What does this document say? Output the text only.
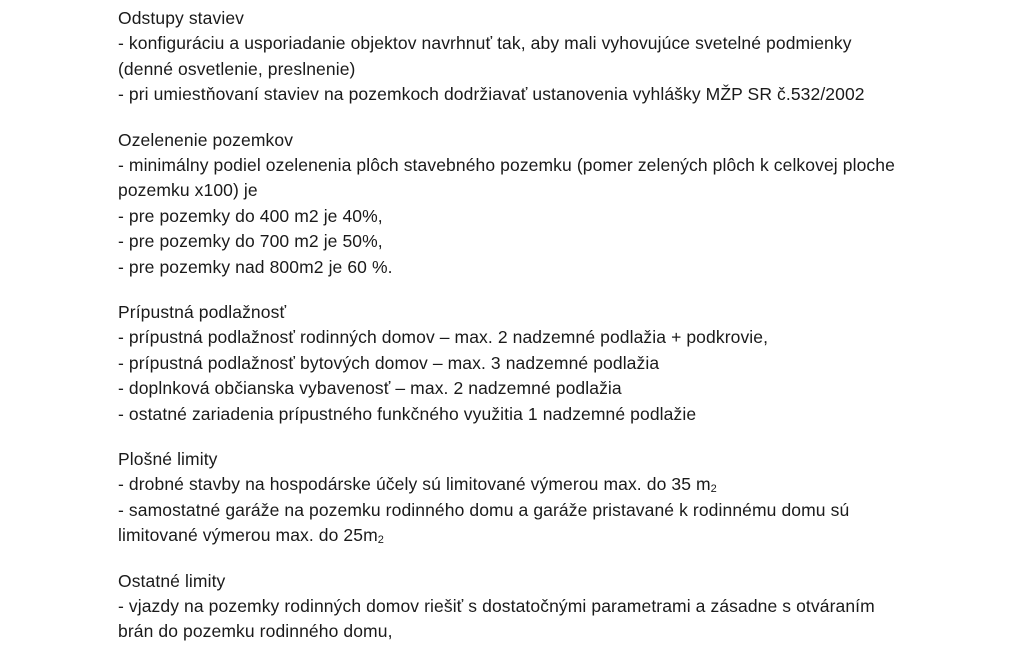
Odstupy staviev
- konfiguráciu a usporiadanie objektov navrhnuť tak, aby mali vyhovujúce svetelné podmienky (denné osvetlenie, preslnenie)
- pri umiestňovaní staviev na pozemkoch dodržiavať ustanovenia vyhlášky MŽP SR č.532/2002
Ozelenenie pozemkov
- minimálny podiel ozelenenia plôch stavebného pozemku (pomer zelených plôch k celkovej ploche pozemku x100) je
- pre pozemky do 400 m2 je 40%,
- pre pozemky do 700 m2 je 50%,
- pre pozemky nad 800m2 je 60 %.
Prípustná podlažnosť
- prípustná podlažnosť rodinných domov – max. 2 nadzemné podlažia + podkrovie,
- prípustná podlažnosť bytových domov – max. 3 nadzemné podlažia
- doplnková občianska vybavenosť – max. 2 nadzemné podlažia
- ostatné zariadenia prípustného funkčného využitia 1 nadzemné podlažie
Plošné limity
- drobné stavby na hospodárske účely sú limitované výmerou max. do 35 $m_2$
- samostatné garáže na pozemku rodinného domu a garáže pristavané k rodinnému domu sú limitované výmerou max. do $25m_2$
Ostatné limity
- vjazdy na pozemky rodinných domov riešiť s dostatočnými parametrami a zásadne s otváraním brán do pozemku rodinného domu,
